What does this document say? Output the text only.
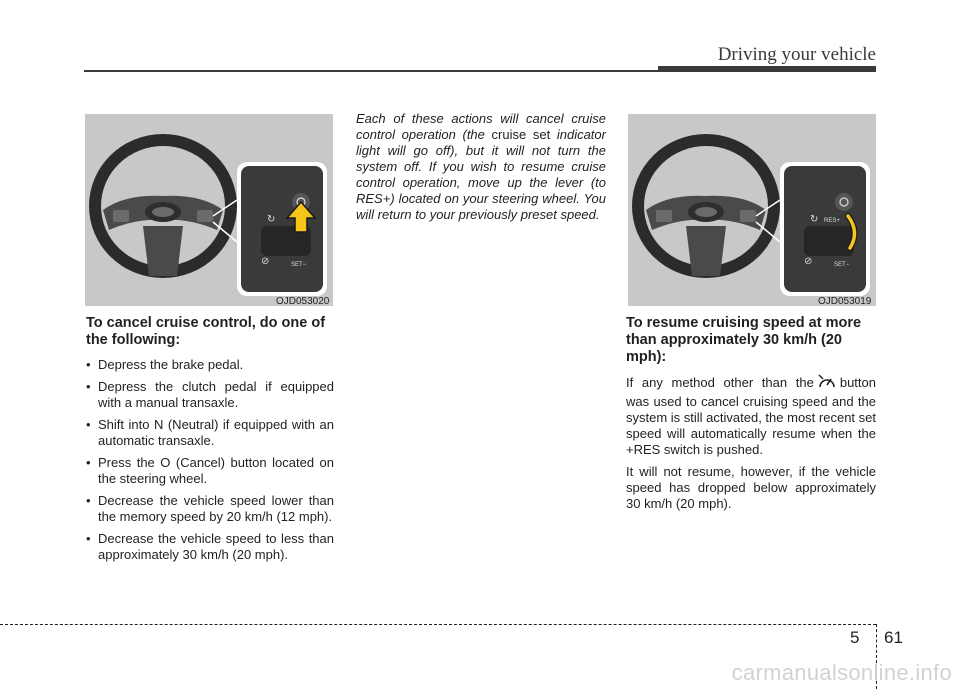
Driving your vehicle
↻
⊘	SET−
OJD053020
↻
⊘	SET−
RES+
OJD053019
To cancel cruise control, do one of the following:
• Depress the brake pedal.
• Depress the clutch pedal if equipped with a manual transaxle.
• Shift into N (Neutral) if equipped with an automatic transaxle.
• Press the O (Cancel) button located on the steering wheel.
• Decrease the vehicle speed lower than the memory speed by 20 km/h (12 mph).
• Decrease the vehicle speed to less than approximately 30 km/h (20 mph).
Each of these actions will cancel cruise control operation (the cruise set indicator light will go off), but it will not turn the system off. If you wish to resume cruise control operation, move up the lever (to RES+) located on your steering wheel. You will return to your previously preset speed.
To resume cruising speed at more than approximately 30 km/h (20 mph):

If any method other than the button was used to cancel cruising speed and the system is still activated, the most recent set speed will automatically resume when the +RES switch is pushed.

It will not resume, however, if the vehicle speed has dropped below approximately 30 km/h (20 mph).

5 61
carmanualsonline.info
